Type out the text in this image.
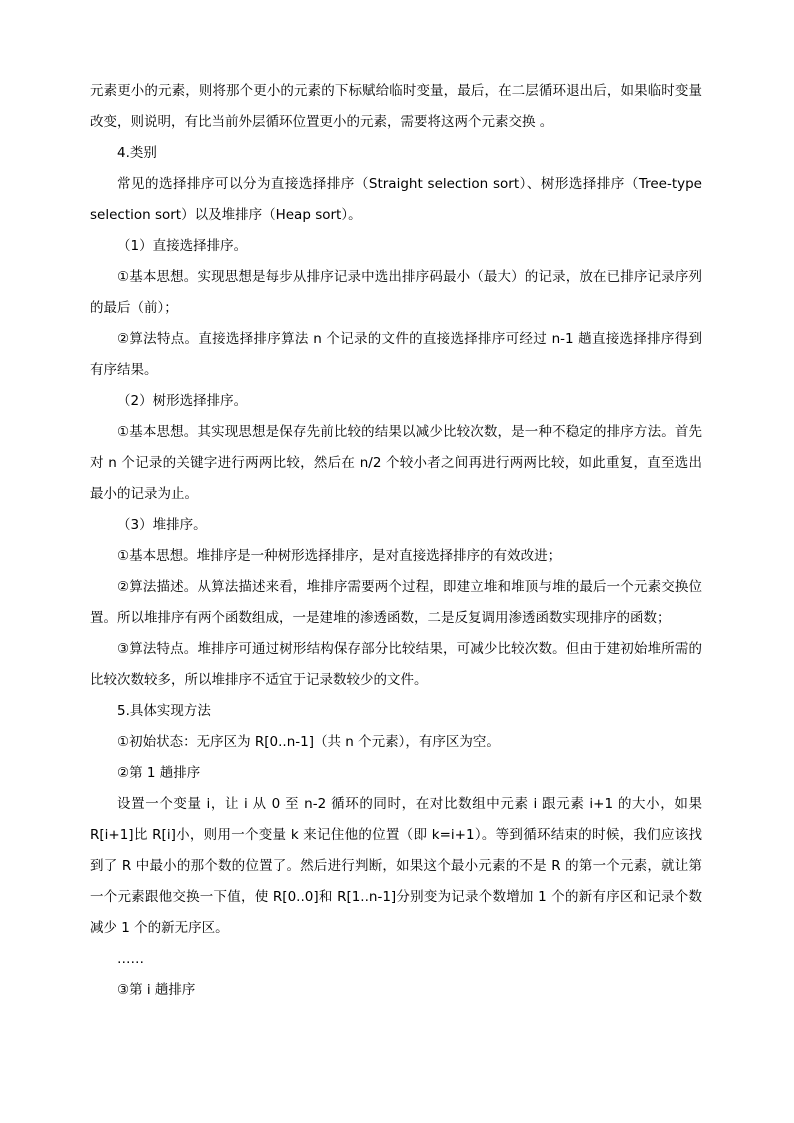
元素更小的元素，则将那个更小的元素的下标赋给临时变量，最后，在二层循环退出后，如果临时变量改变，则说明，有比当前外层循环位置更小的元素，需要将这两个元素交换 。

4.类别

常见的选择排序可以分为直接选择排序（Straight selection sort）、树形选择排序（Tree-type selection sort）以及堆排序（Heap sort）。

（1）直接选择排序。

①基本思想。实现思想是每步从排序记录中选出排序码最小（最大）的记录，放在已排序记录序列的最后（前）；

②算法特点。直接选择排序算法 n 个记录的文件的直接选择排序可经过 n-1 趟直接选择排序得到有序结果。

（2）树形选择排序。

①基本思想。其实现思想是保存先前比较的结果以减少比较次数，是一种不稳定的排序方法。首先对 n 个记录的关键字进行两两比较，然后在 n/2 个较小者之间再进行两两比较，如此重复，直至选出最小的记录为止。

（3）堆排序。

①基本思想。堆排序是一种树形选择排序，是对直接选择排序的有效改进；

②算法描述。从算法描述来看，堆排序需要两个过程，即建立堆和堆顶与堆的最后一个元素交换位置。所以堆排序有两个函数组成，一是建堆的渗透函数，二是反复调用渗透函数实现排序的函数；

③算法特点。堆排序可通过树形结构保存部分比较结果，可减少比较次数。但由于建初始堆所需的比较次数较多，所以堆排序不适宜于记录数较少的文件。

5.具体实现方法

①初始状态：无序区为 R[0..n-1]（共 n 个元素），有序区为空。

②第 1 趟排序

设置一个变量 i，让 i 从 0 至 n-2 循环的同时，在对比数组中元素 i 跟元素 i+1 的大小，如果 R[i+1]比 R[i]小，则用一个变量 k 来记住他的位置（即 k=i+1）。等到循环结束的时候，我们应该找到了 R 中最小的那个数的位置了。然后进行判断，如果这个最小元素的不是 R 的第一个元素，就让第一个元素跟他交换一下值，使 R[0..0]和 R[1..n-1]分别变为记录个数增加 1 个的新有序区和记录个数减少 1 个的新无序区。

……

③第 i 趟排序
